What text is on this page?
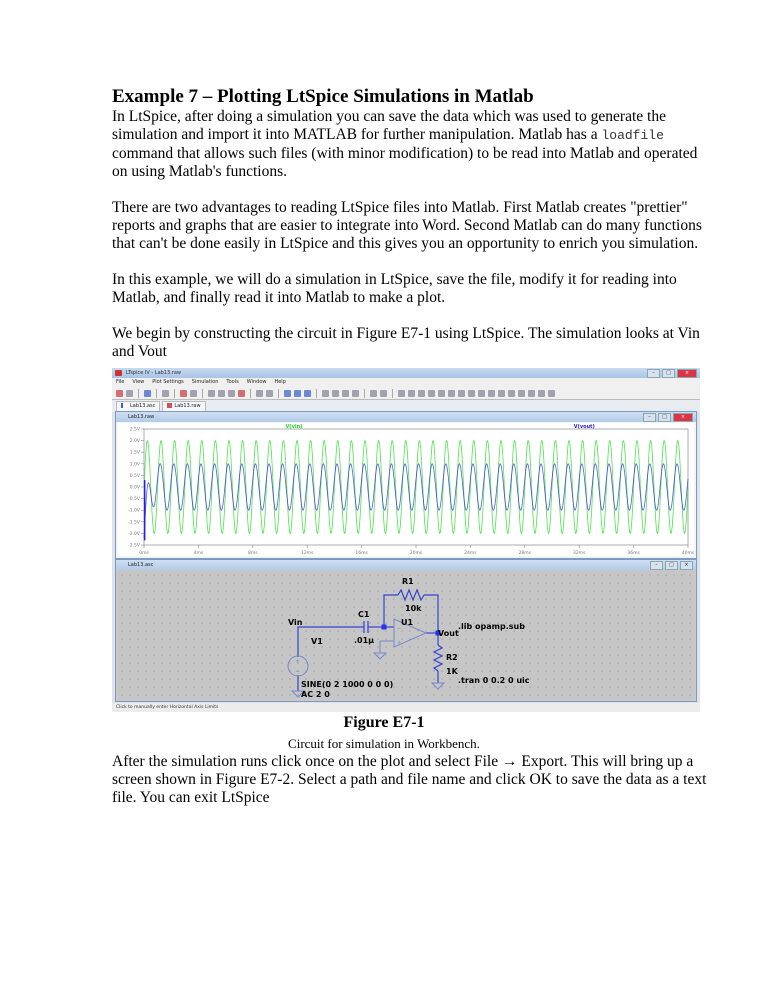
Example 7 – Plotting LtSpice Simulations in Matlab

In LtSpice, after doing a simulation you can save the data which was used to generate the simulation and import it into MATLAB for further manipulation. Matlab has a loadfile command that allows such files (with minor modification) to be read into Matlab and operated on using Matlab's functions.

There are two advantages to reading LtSpice files into Matlab. First Matlab creates "prettier" reports and graphs that are easier to integrate into Word. Second Matlab can do many functions that can't be done easily in LtSpice and this gives you an opportunity to enrich you simulation.

In this example, we will do a simulation in LtSpice, save the file, modify it for reading into Matlab, and finally read it into Matlab to make a plot.

We begin by constructing the circuit in Figure E7-1 using LtSpice. The simulation looks at Vin and Vout

LTspice IV - Lab13.raw	–	□	×
File View Plot Settings Simulation Tools Window Help
Lab13.asc	Lab13.raw
Lab13.raw	–	□	×
2.5V
2.0V
1.5V
1.0V
0.5V
0.0V
-0.5V
-1.0V
-1.5V
-2.0V
-2.5V
0ms	4ms	8ms	12ms	16ms	20ms	24ms	28ms	32ms	36ms	40ms
V(vin)	V(vout)
Lab13.asc	–	□	×
−
+
+
−
R1
10k
C1
.01µ
U1
Vin
V1
Vout
R2
1K
.lib opamp.sub
.tran 0 0.2 0 uic
SINE(0 2 1000 0 0 0)
AC 2 0
Click to manually enter Horizontal Axis Limits
Figure E7-1
Circuit for simulation in Workbench.

After the simulation runs click once on the plot and select File → Export. This will bring up a screen shown in Figure E7-2. Select a path and file name and click OK to save the data as a text file. You can exit LtSpice
